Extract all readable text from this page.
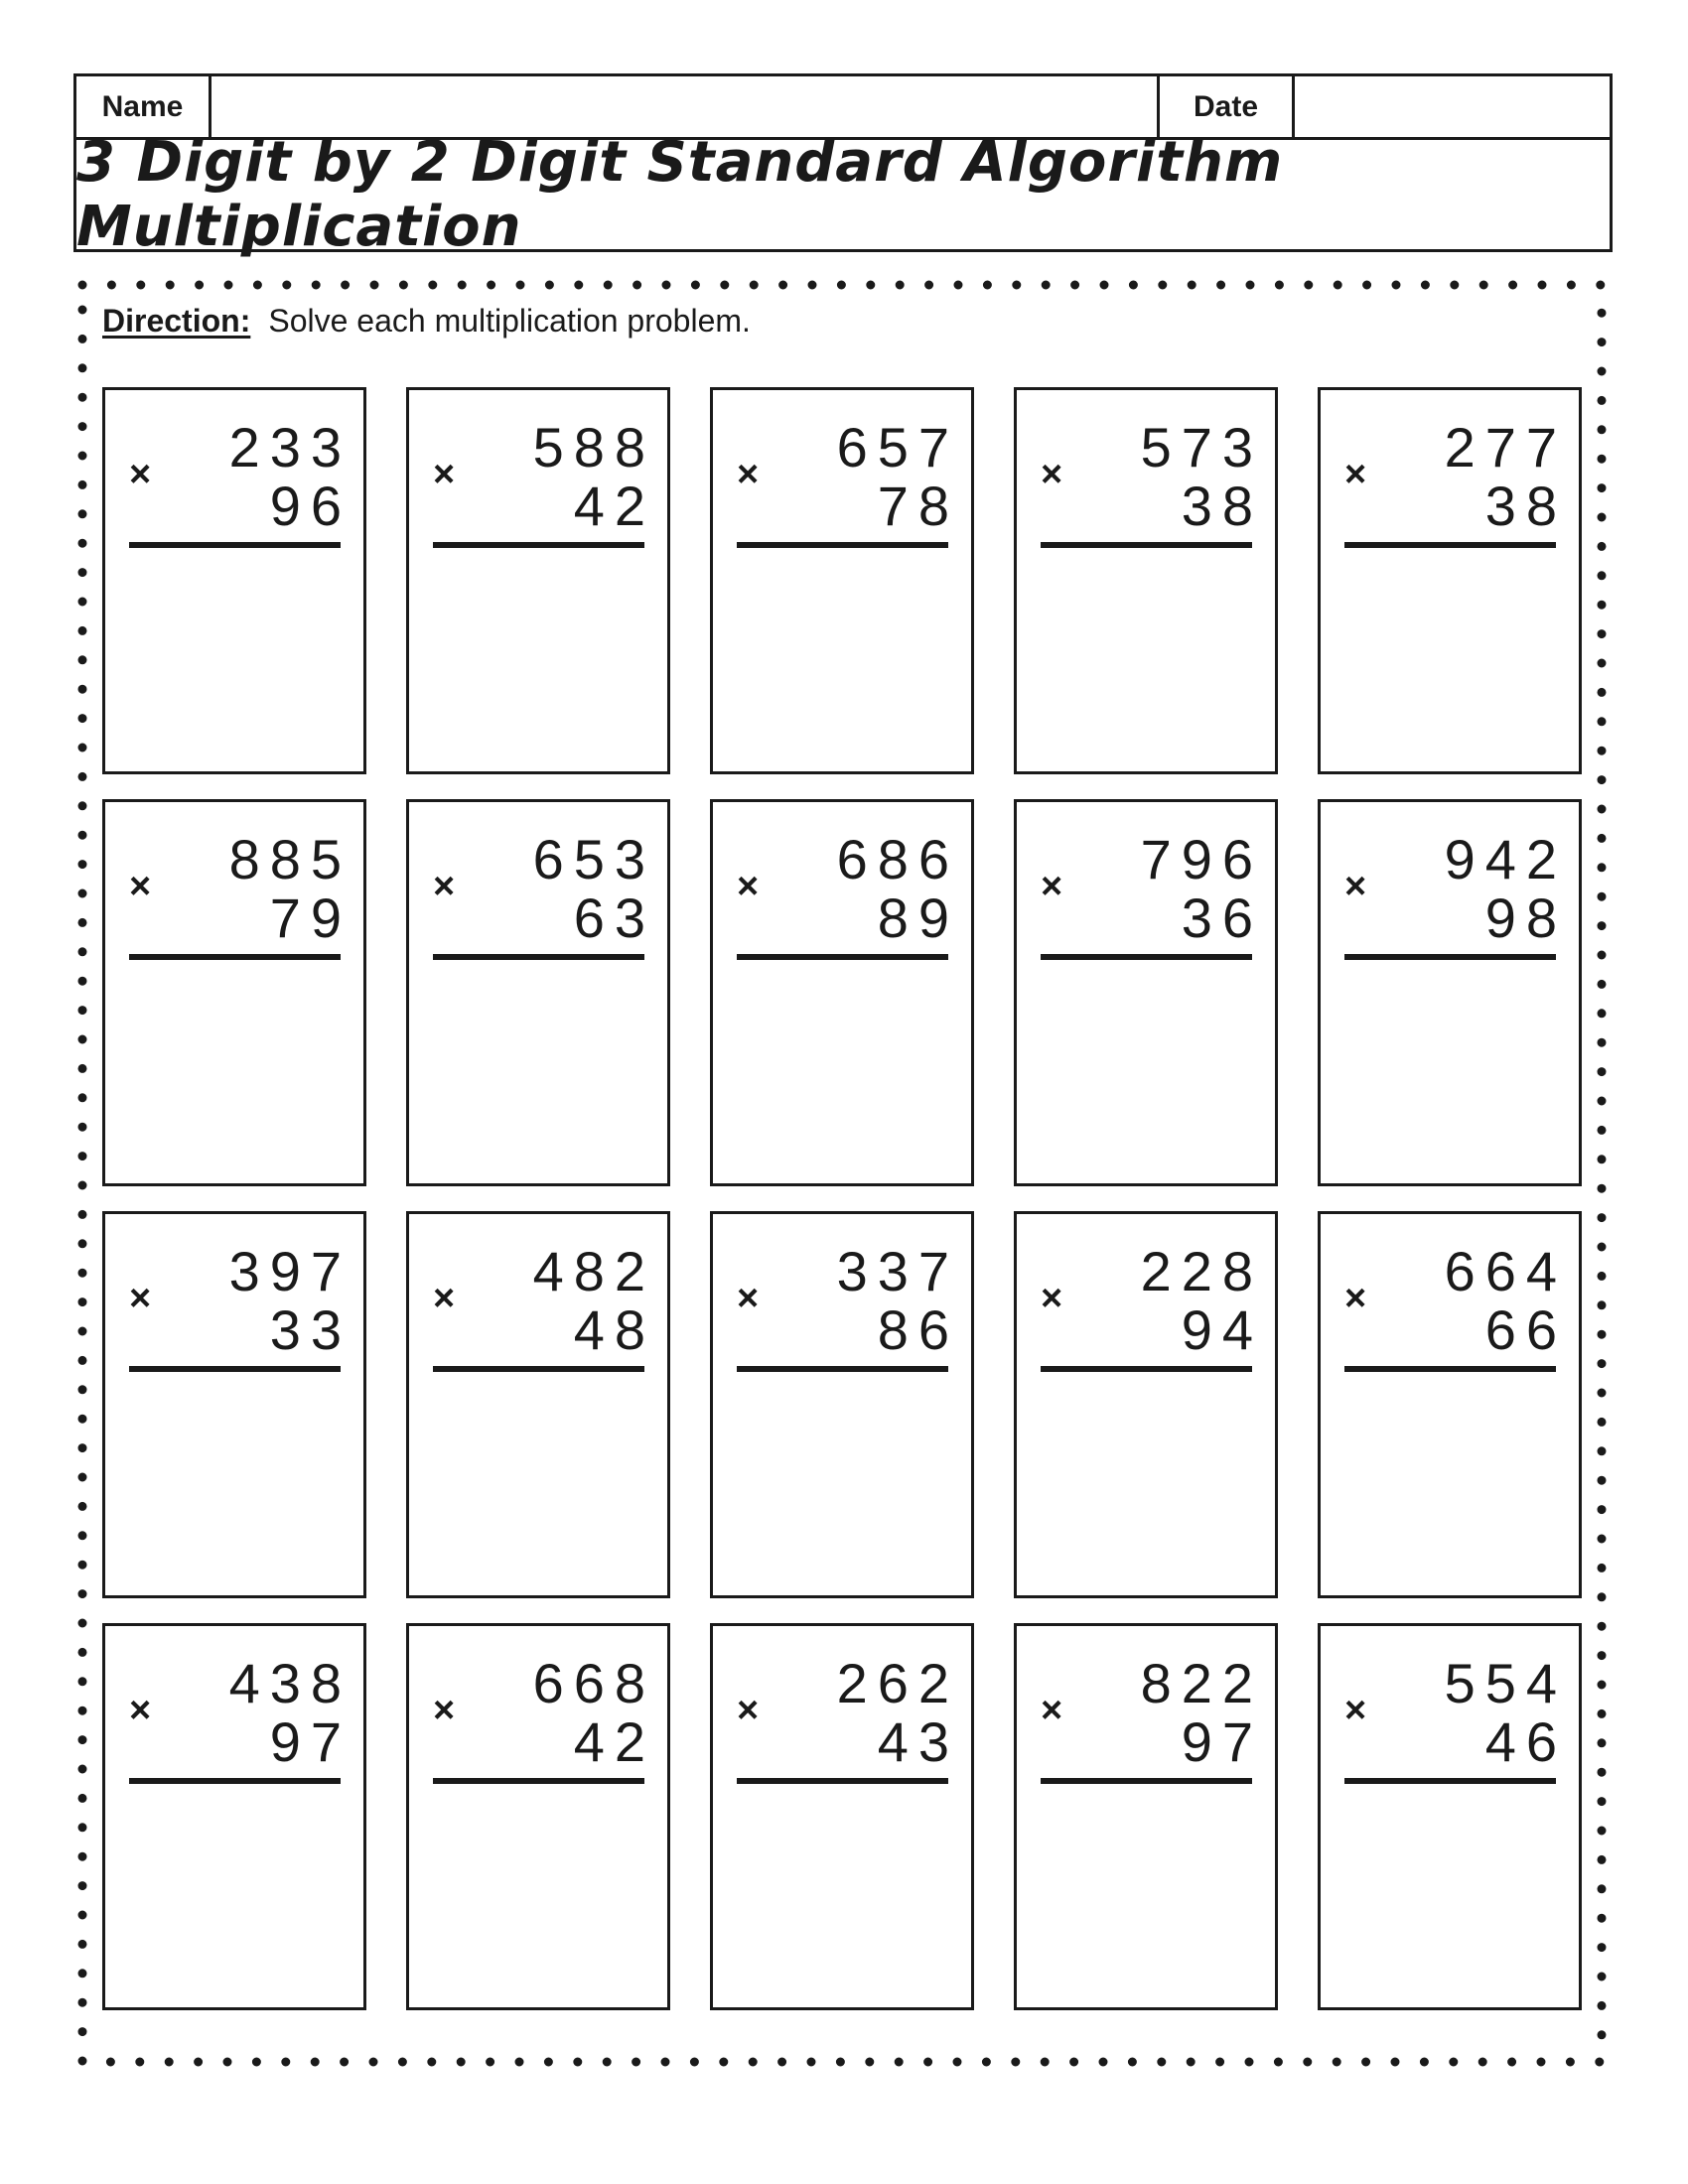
Name	Date
3 Digit by 2 Digit Standard Algorithm Multiplication
Direction: Solve each multiplication problem.
× 233
96 × 588
42 × 657
78 × 573
38 × 277
38
× 885
79 × 653
63 × 686
89 × 796
36 × 942
98
× 397
33 × 482
48 × 337
86 × 228
94 × 664
66
× 438
97 × 668
42 × 262
43 × 822
97 × 554
46
